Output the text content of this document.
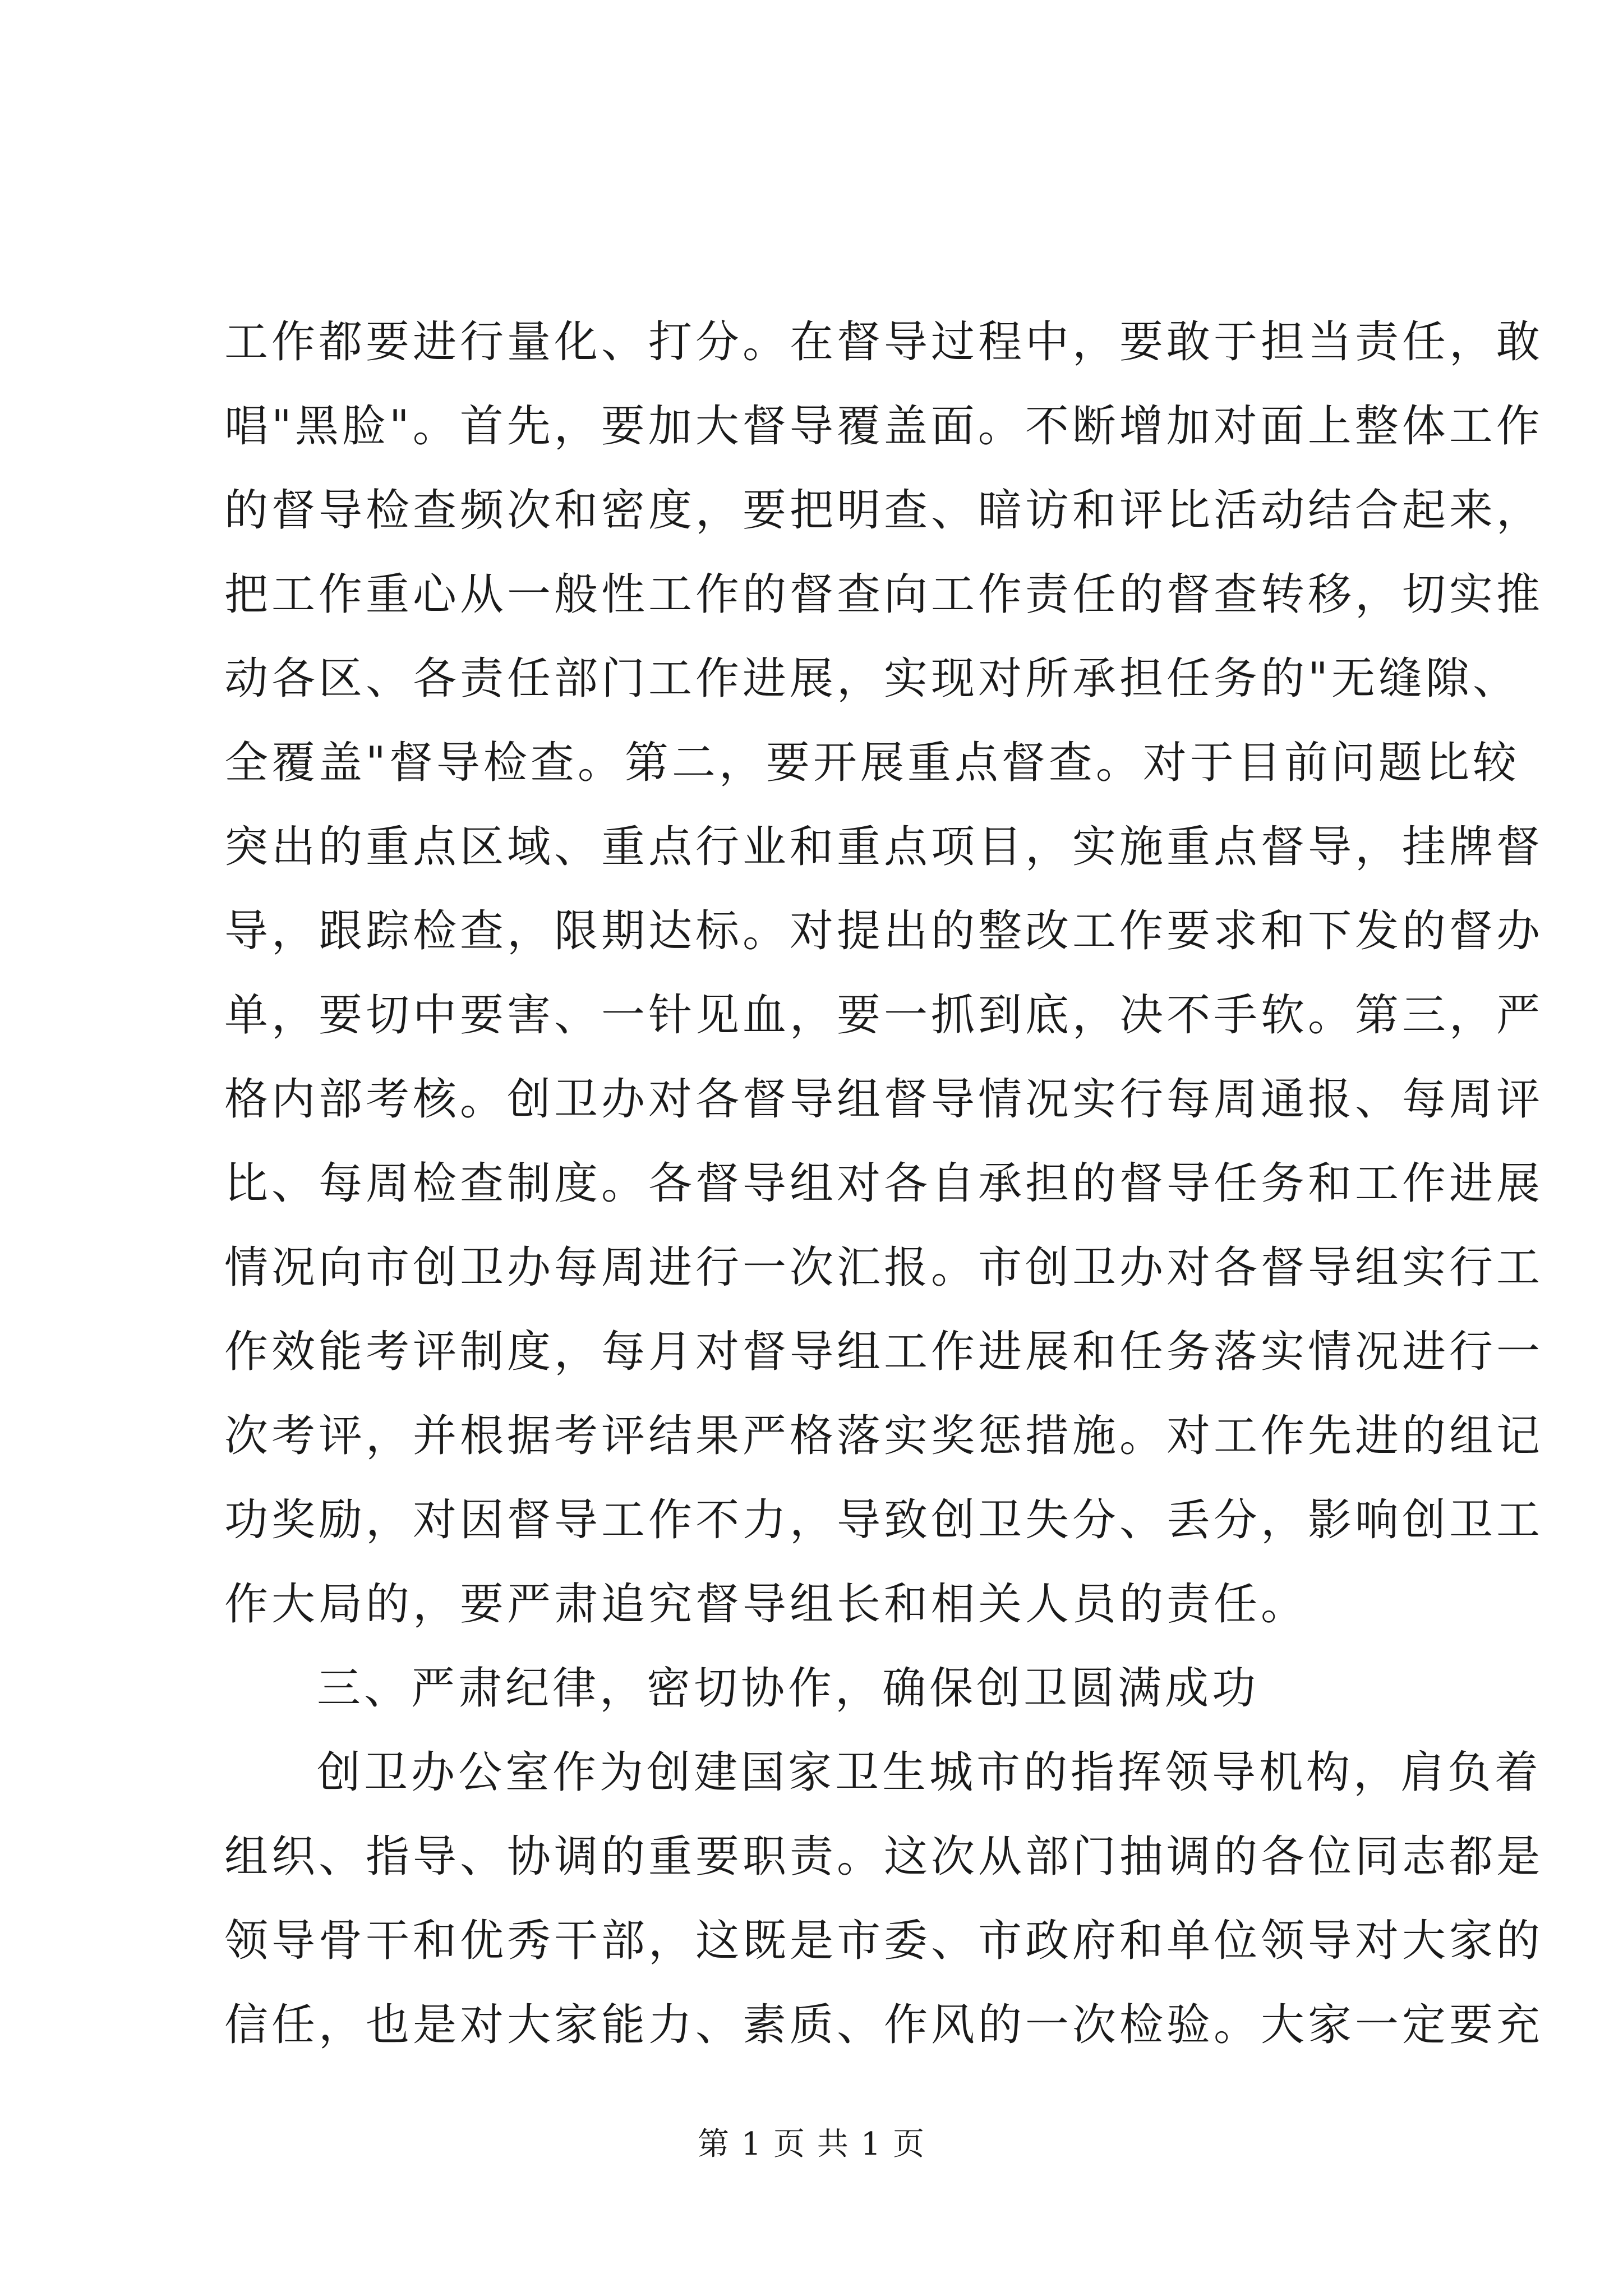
工作都要进行量化、打分。在督导过程中，要敢于担当责任，敢
唱"黑脸"。首先，要加大督导覆盖面。不断增加对面上整体工作
的督导检查频次和密度，要把明查、暗访和评比活动结合起来，
把工作重心从一般性工作的督查向工作责任的督查转移，切实推
动各区、各责任部门工作进展，实现对所承担任务的"无缝隙、
全覆盖"督导检查。第二，要开展重点督查。对于目前问题比较
突出的重点区域、重点行业和重点项目，实施重点督导，挂牌督
导，跟踪检查，限期达标。对提出的整改工作要求和下发的督办
单，要切中要害、一针见血，要一抓到底，决不手软。第三，严
格内部考核。创卫办对各督导组督导情况实行每周通报、每周评
比、每周检查制度。各督导组对各自承担的督导任务和工作进展
情况向市创卫办每周进行一次汇报。市创卫办对各督导组实行工
作效能考评制度，每月对督导组工作进展和任务落实情况进行一
次考评，并根据考评结果严格落实奖惩措施。对工作先进的组记
功奖励，对因督导工作不力，导致创卫失分、丢分，影响创卫工
作大局的，要严肃追究督导组长和相关人员的责任。
三、严肃纪律，密切协作，确保创卫圆满成功
创卫办公室作为创建国家卫生城市的指挥领导机构，肩负着
组织、指导、协调的重要职责。这次从部门抽调的各位同志都是
领导骨干和优秀干部，这既是市委、市政府和单位领导对大家的
信任，也是对大家能力、素质、作风的一次检验。大家一定要充
第 1 页 共 1 页
